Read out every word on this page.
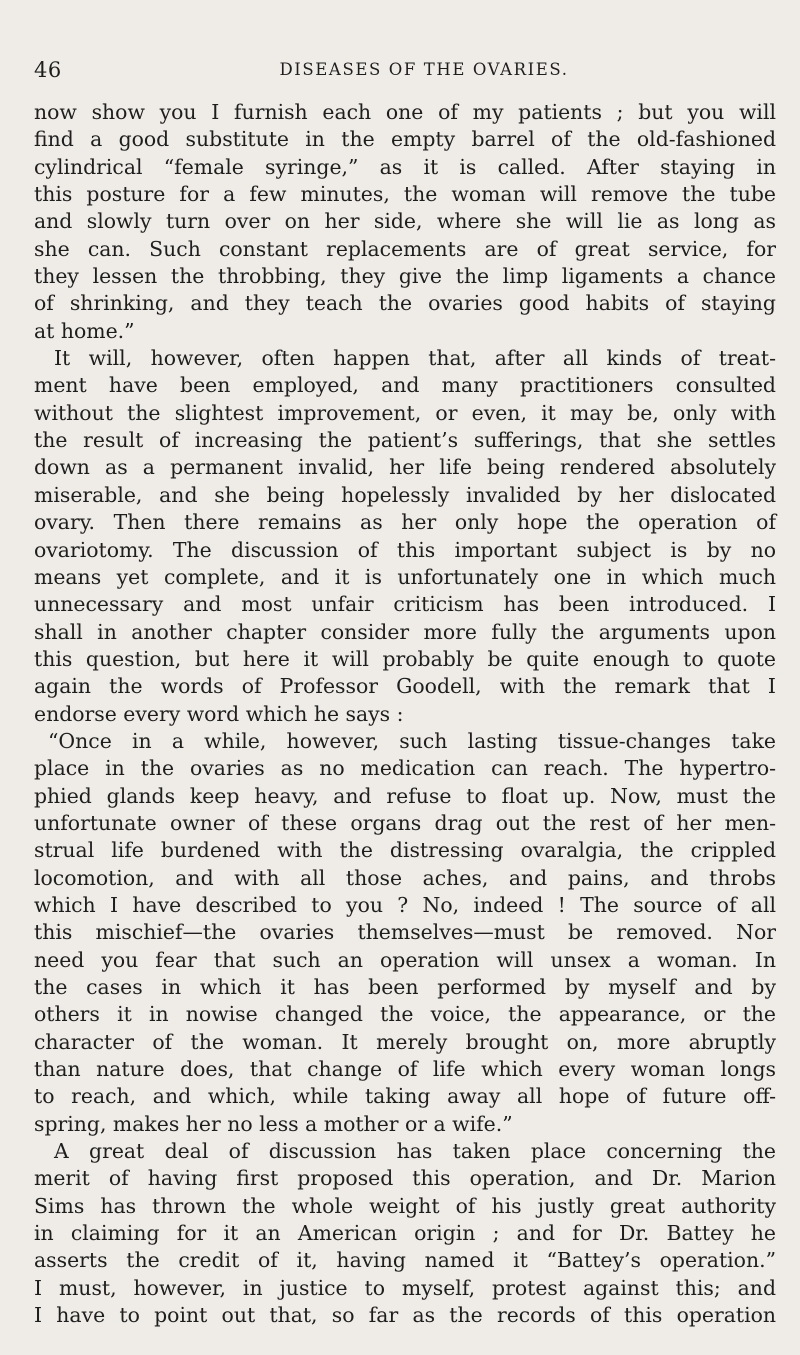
46	DISEASES OF THE OVARIES.
now show you I furnish each one of my patients ; but you will
find a good substitute in the empty barrel of the old-fashioned
cylindrical “female syringe,” as it is called. After staying in
this posture for a few minutes, the woman will remove the tube
and slowly turn over on her side, where she will lie as long as
she can. Such constant replacements are of great service, for
they lessen the throbbing, they give the limp ligaments a chance
of shrinking, and they teach the ovaries good habits of staying
at home.”
It will, however, often happen that, after all kinds of treat-
ment have been employed, and many practitioners consulted
without the slightest improvement, or even, it may be, only with
the result of increasing the patient’s sufferings, that she settles
down as a permanent invalid, her life being rendered absolutely
miserable, and she being hopelessly invalided by her dislocated
ovary. Then there remains as her only hope the operation of
ovariotomy. The discussion of this important subject is by no
means yet complete, and it is unfortunately one in which much
unnecessary and most unfair criticism has been introduced. I
shall in another chapter consider more fully the arguments upon
this question, but here it will probably be quite enough to quote
again the words of Professor Goodell, with the remark that I
endorse every word which he says :
“Once in a while, however, such lasting tissue-changes take
place in the ovaries as no medication can reach. The hypertro-
phied glands keep heavy, and refuse to float up. Now, must the
unfortunate owner of these organs drag out the rest of her men-
strual life burdened with the distressing ovaralgia, the crippled
locomotion, and with all those aches, and pains, and throbs
which I have described to you ? No, indeed ! The source of all
this mischief—the ovaries themselves—must be removed. Nor
need you fear that such an operation will unsex a woman. In
the cases in which it has been performed by myself and by
others it in nowise changed the voice, the appearance, or the
character of the woman. It merely brought on, more abruptly
than nature does, that change of life which every woman longs
to reach, and which, while taking away all hope of future off-
spring, makes her no less a mother or a wife.”
A great deal of discussion has taken place concerning the
merit of having first proposed this operation, and Dr. Marion
Sims has thrown the whole weight of his justly great authority
in claiming for it an American origin ; and for Dr. Battey he
asserts the credit of it, having named it “Battey’s operation.”
I must, however, in justice to myself, protest against this; and
I have to point out that, so far as the records of this operation
